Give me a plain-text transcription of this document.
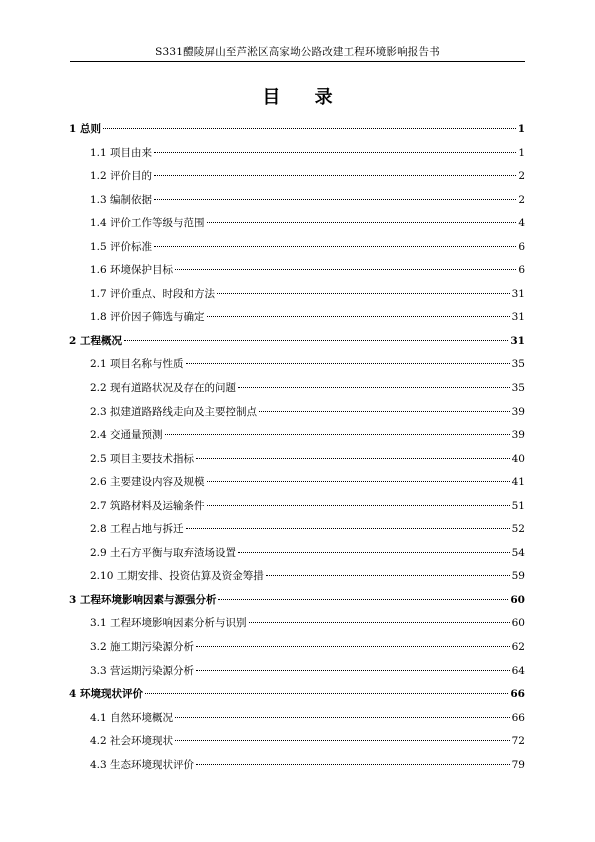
S331醴陵屏山至芦淞区高家坳公路改建工程环境影响报告书
目 录
1 总则	1
1.1 项目由来	1
1.2 评价目的	2
1.3 编制依据	2
1.4 评价工作等级与范围	4
1.5 评价标准	6
1.6 环境保护目标	6
1.7 评价重点、时段和方法	31
1.8 评价因子筛选与确定	31
2 工程概况	31
2.1 项目名称与性质	35
2.2 现有道路状况及存在的问题	35
2.3 拟建道路路线走向及主要控制点	39
2.4 交通量预测	39
2.5 项目主要技术指标	40
2.6 主要建设内容及规模	41
2.7 筑路材料及运输条件	51
2.8 工程占地与拆迁	52
2.9 土石方平衡与取弃渣场设置	54
2.10 工期安排、投资估算及资金筹措	59
3 工程环境影响因素与源强分析	60
3.1 工程环境影响因素分析与识别	60
3.2 施工期污染源分析	62
3.3 营运期污染源分析	64
4 环境现状评价	66
4.1 自然环境概况	66
4.2 社会环境现状	72
4.3 生态环境现状评价	79
